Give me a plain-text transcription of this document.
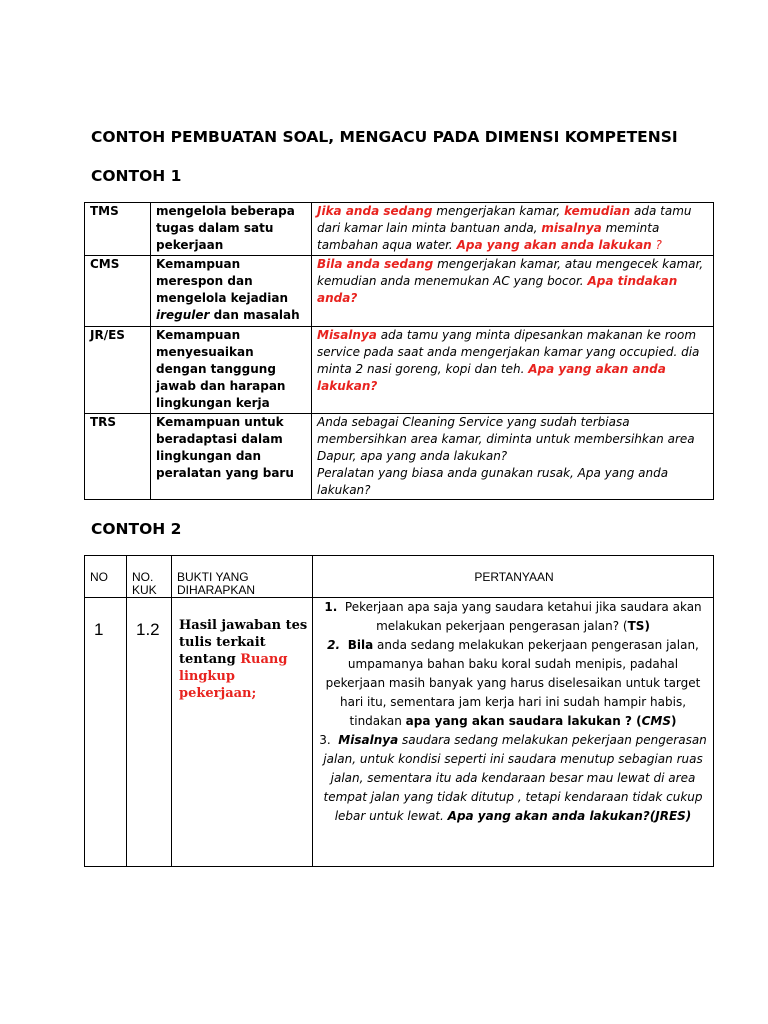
CONTOH PEMBUATAN SOAL, MENGACU PADA DIMENSI KOMPETENSI
CONTOH 1
TMS	mengelola beberapa tugas dalam satu pekerjaan	Jika anda sedang mengerjakan kamar, kemudian ada tamu dari kamar lain minta bantuan anda, misalnya meminta tambahan aqua water. Apa yang akan anda lakukan ?
CMS	Kemampuan merespon dan mengelola kejadian ireguler dan masalah	Bila anda sedang mengerjakan kamar, atau mengecek kamar, kemudian anda menemukan AC yang bocor. Apa tindakan anda?
JR/ES	Kemampuan menyesuaikan dengan tanggung jawab dan harapan lingkungan kerja	Misalnya ada tamu yang minta dipesankan makanan ke room service pada saat anda mengerjakan kamar yang occupied. dia minta 2 nasi goreng, kopi dan teh. Apa yang akan anda lakukan?
TRS	Kemampuan untuk beradaptasi dalam lingkungan dan peralatan yang baru	Anda sebagai Cleaning Service yang sudah terbiasa membersihkan area kamar, diminta untuk membersihkan area Dapur, apa yang anda lakukan?
Peralatan yang biasa anda gunakan rusak, Apa yang anda lakukan?
CONTOH 2
NO	NO. KUK	BUKTI YANG DIHARAPKAN	PERTANYAAN
1	1.2	Hasil jawaban tes tulis terkait tentang Ruang lingkup pekerjaan;	1. Pekerjaan apa saja yang saudara ketahui jika saudara akan melakukan pekerjaan pengerasan jalan? (TS)

2. Bila anda sedang melakukan pekerjaan pengerasan jalan, umpamanya bahan baku koral sudah menipis, padahal pekerjaan masih banyak yang harus diselesaikan untuk target hari itu, sementara jam kerja hari ini sudah hampir habis, tindakan apa yang akan saudara lakukan ? (CMS)

3. Misalnya saudara sedang melakukan pekerjaan pengerasan jalan, untuk kondisi seperti ini saudara menutup sebagian ruas jalan, sementara itu ada kendaraan besar mau lewat di area tempat jalan yang tidak ditutup , tetapi kendaraan tidak cukup lebar untuk lewat. Apa yang akan anda lakukan?(JRES)
